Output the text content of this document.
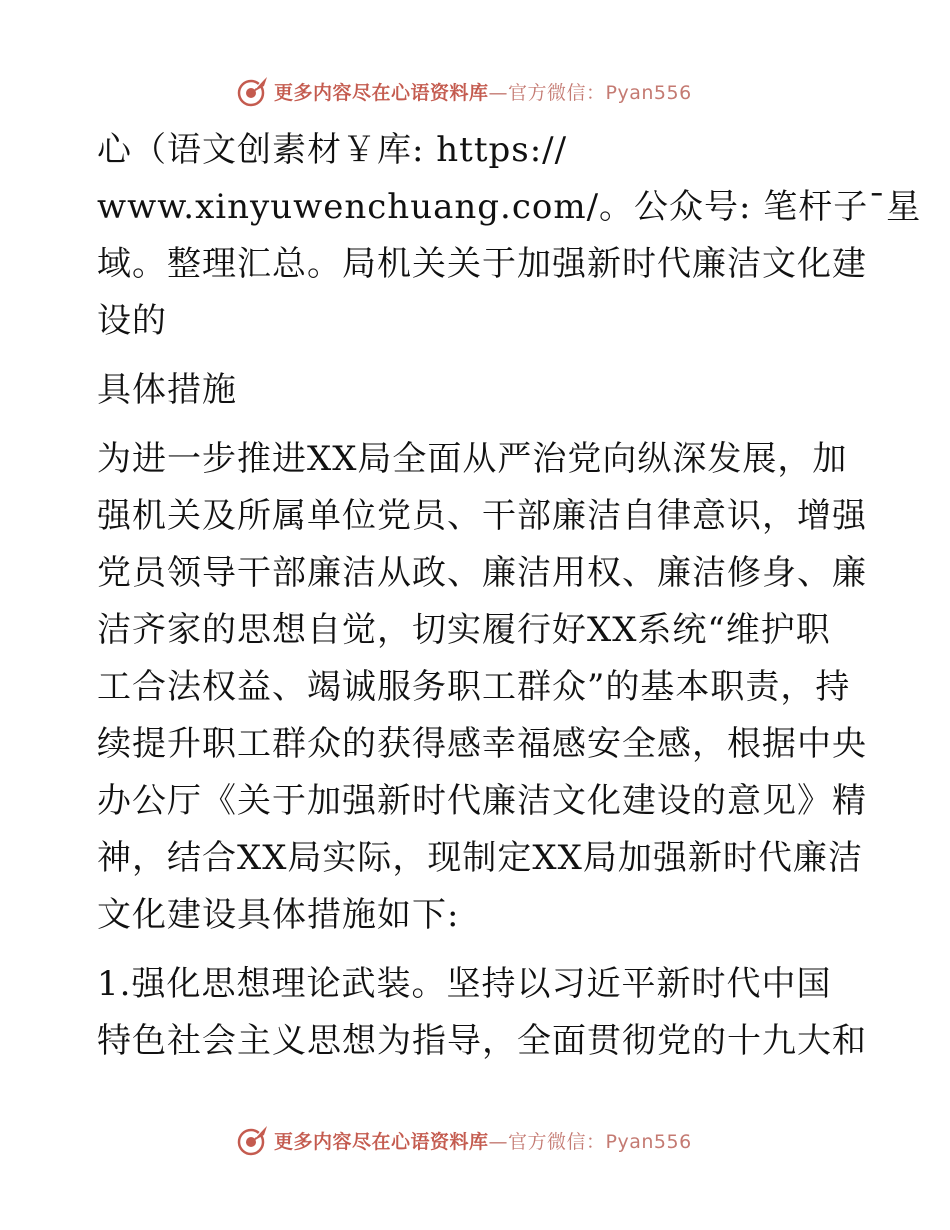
更多内容尽在心语资料库 —官方微信：Pyan556

心（语文创素材￥库: https://
www.xinyuwenchuang.com/。公众号: 笔杆子¯星
域。整理汇总。局机关关于加强新时代廉洁文化建
设的

具体措施

为进一步推进XX局全面从严治党向纵深发展，加
强机关及所属单位党员、干部廉洁自律意识，增强
党员领导干部廉洁从政、廉洁用权、廉洁修身、廉
洁齐家的思想自觉，切实履行好XX系统“维护职
工合法权益、竭诚服务职工群众”的基本职责，持
续提升职工群众的获得感幸福感安全感，根据中央
办公厅《关于加强新时代廉洁文化建设的意见》精
神，结合XX局实际，现制定XX局加强新时代廉洁
文化建设具体措施如下:

1.强化思想理论武装。坚持以习近平新时代中国
特色社会主义思想为指导，全面贯彻党的十九大和

更多内容尽在心语资料库 —官方微信：Pyan556
